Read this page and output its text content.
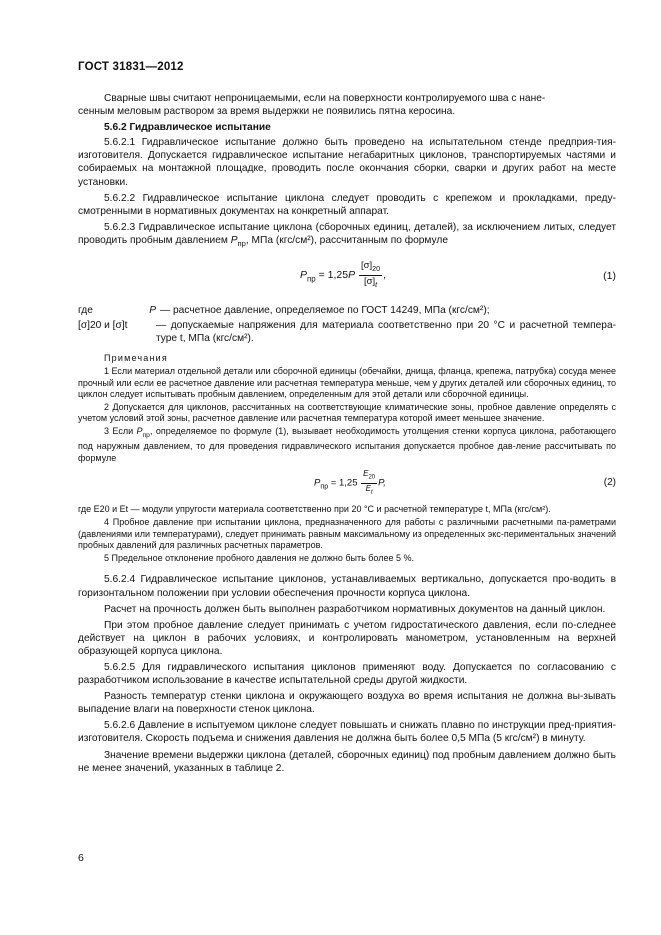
ГОСТ 31831—2012

Сварные швы считают непроницаемыми, если на поверхности контролируемого шва с нане-

сенным меловым раствором за время выдержки не появились пятна керосина.

5.6.2 Гидравлическое испытание

5.6.2.1 Гидравлическое испытание должно быть проведено на испытательном стенде предприя-тия-изготовителя. Допускается гидравлическое испытание негабаритных циклонов, транспортируемых частями и собираемых на монтажной площадке, проводить после окончания сборки, сварки и других работ на месте установки.

5.6.2.2 Гидравлическое испытание циклона следует проводить с крепежом и прокладками, преду-смотренными в нормативных документах на конкретный аппарат.

5.6.2.3 Гидравлическое испытание циклона (сборочных единиц, деталей), за исключением литых, следует проводить пробным давлением $P_{пр}$, МПа (кгс/см²), рассчитанным по формуле

$P_{пр} = 1,25P \frac{[\sigma]_{20}}{[\sigma]_t}$ ,	(1)
где	P — расчетное давление, определяемое по ГОСТ 14249, МПа (кгс/см²);
[σ]20 и [σ]t	— допускаемые напряжения для материала соответственно при 20 °С и расчетной темпера-туре t, МПа (кгс/см²).
Примечания

1 Если материал отдельной детали или сборочной единицы (обечайки, днища, фланца, крепежа, патрубка) сосуда менее прочный или если ее расчетное давление или расчетная температура меньше, чем у других деталей или сборочных единиц, то циклон следует испытывать пробным давлением, определенным для этой детали или сборочной единицы.

2 Допускается для циклонов, рассчитанных на соответствующие климатические зоны, пробное давление определять с учетом условий этой зоны, расчетное давление или расчетная температура которой имеет меньшее значение.

3 Если $P_{пр}$, определяемое по формуле (1), вызывает необходимость утолщения стенки корпуса циклона, работающего под наружным давлением, то для проведения гидравлического испытания допускается пробное дав-ление рассчитывать по формуле

$P_{пр} = 1,25 \frac{E_{20}}{E_t} P$,	(2)

где E20 и Et — модули упругости материала соответственно при 20 °С и расчетной температуре t, МПа (кгс/см²).

4 Пробное давление при испытании циклона, предназначенного для работы с различными расчетными па-раметрами (давлениями или температурами), следует принимать равным максимальному из определенных экс-периментальных значений пробных давлений для различных расчетных параметров.

5 Предельное отклонение пробного давления не должно быть более 5 %.

5.6.2.4 Гидравлическое испытание циклонов, устанавливаемых вертикально, допускается про-водить в горизонтальном положении при условии обеспечения прочности корпуса циклона.

Расчет на прочность должен быть выполнен разработчиком нормативных документов на данный циклон.

При этом пробное давление следует принимать с учетом гидростатического давления, если по-следнее действует на циклон в рабочих условиях, и контролировать манометром, установленным на верхней образующей корпуса циклона.

5.6.2.5 Для гидравлического испытания циклонов применяют воду. Допускается по согласованию с разработчиком использование в качестве испытательной среды другой жидкости.

Разность температур стенки циклона и окружающего воздуха во время испытания не должна вы-зывать выпадение влаги на поверхности стенок циклона.

5.6.2.6 Давление в испытуемом циклоне следует повышать и снижать плавно по инструкции пред-приятия-изготовителя. Скорость подъема и снижения давления не должна быть более 0,5 МПа (5 кгс/см²) в минуту.

Значение времени выдержки циклона (деталей, сборочных единиц) под пробным давлением должно быть не менее значений, указанных в таблице 2.

6
